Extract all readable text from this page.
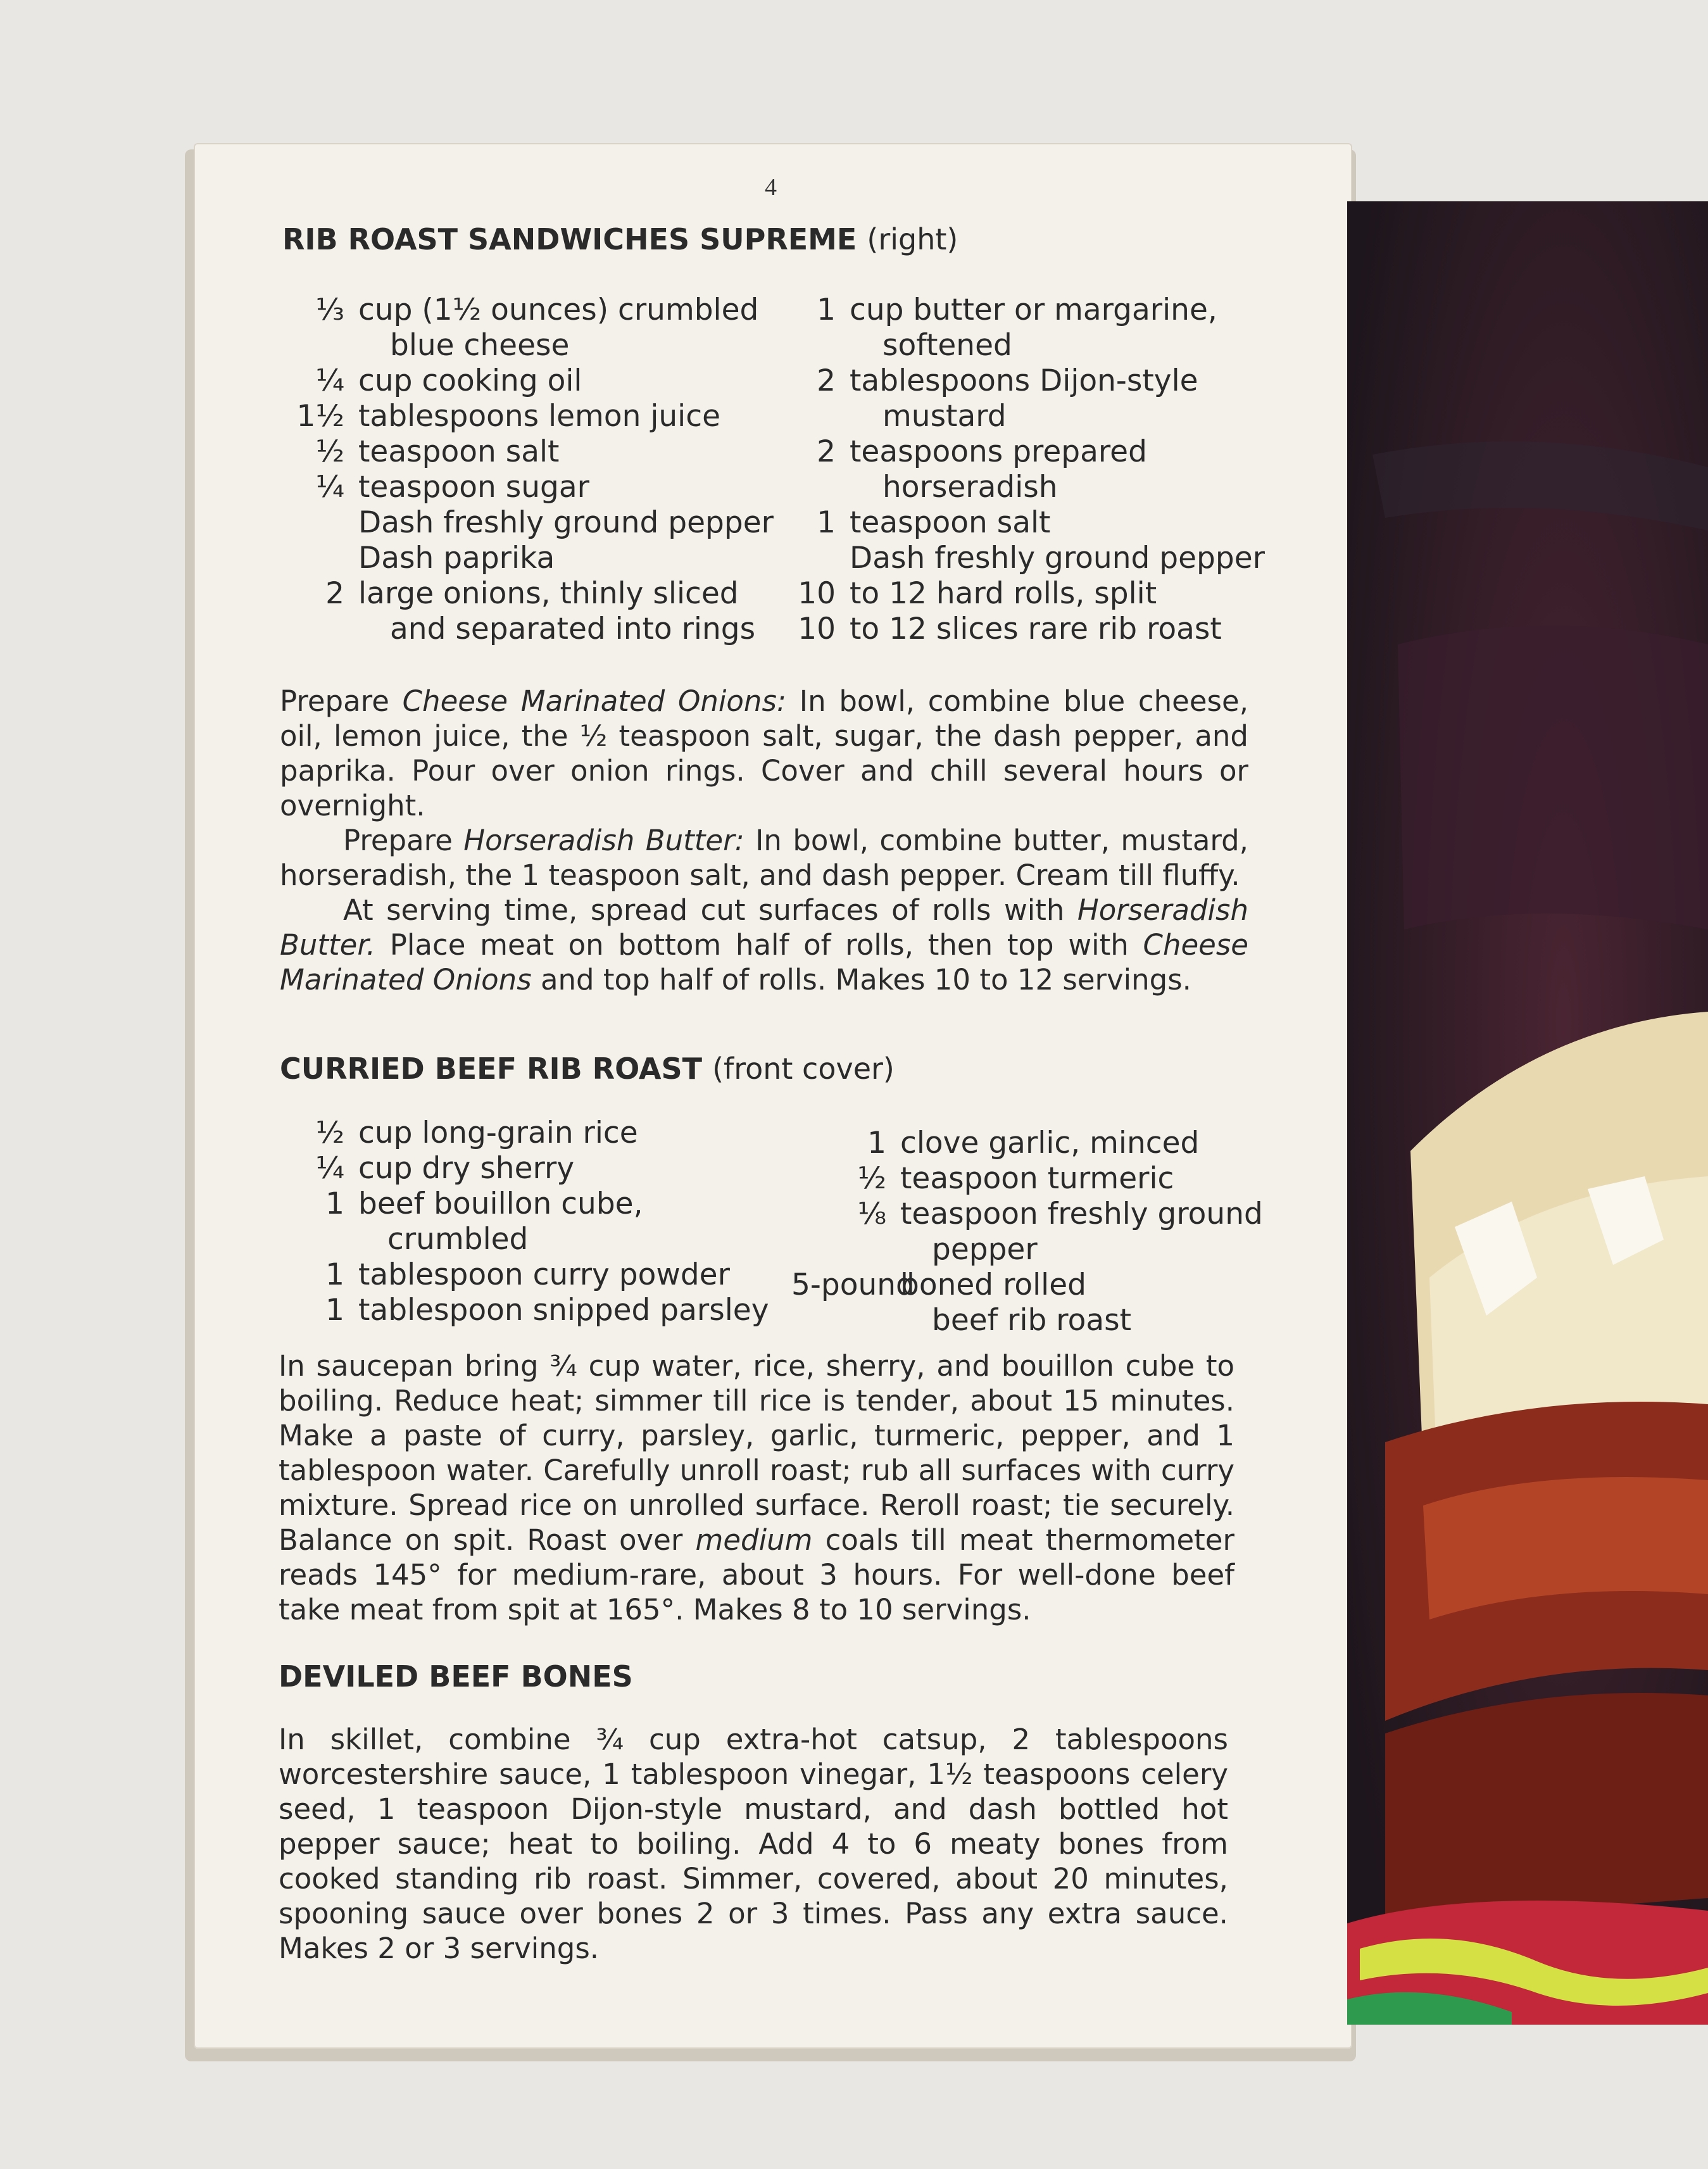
4
RIB ROAST SANDWICHES SUPREME (right)
⅓ cup (1½ ounces) crumbled
blue cheese
¼ cup cooking oil
1½ tablespoons lemon juice
½ teaspoon salt
¼ teaspoon sugar
Dash freshly ground pepper
Dash paprika
2 large onions, thinly sliced
and separated into rings
1 cup butter or margarine,
softened
2 tablespoons Dijon-style
mustard
2 teaspoons prepared
horseradish
1 teaspoon salt
Dash freshly ground pepper
10 to 12 hard rolls, split
10 to 12 slices rare rib roast

Prepare Cheese Marinated Onions: In bowl, combine blue cheese, oil, lemon juice, the ½ teaspoon salt, sugar, the dash pepper, and paprika. Pour over onion rings. Cover and chill several hours or overnight.

Prepare Horseradish Butter: In bowl, combine butter, mustard, horseradish, the 1 teaspoon salt, and dash pepper. Cream till fluffy.

At serving time, spread cut surfaces of rolls with Horseradish Butter. Place meat on bottom half of rolls, then top with Cheese Marinated Onions and top half of rolls. Makes 10 to 12 servings.

CURRIED BEEF RIB ROAST (front cover)
½ cup long-grain rice
¼ cup dry sherry
1 beef bouillon cube,
crumbled
1 tablespoon curry powder
1 tablespoon snipped parsley
1 clove garlic, minced
½ teaspoon turmeric
⅛ teaspoon freshly ground
pepper
5-poundboned rolled
beef rib roast

In saucepan bring ¾ cup water, rice, sherry, and bouillon cube to boiling. Reduce heat; simmer till rice is tender, about 15 minutes. Make a paste of curry, parsley, garlic, turmeric, pepper, and 1 tablespoon water. Carefully unroll roast; rub all surfaces with curry mixture. Spread rice on unrolled surface. Reroll roast; tie securely. Balance on spit. Roast over medium coals till meat thermometer reads 145° for medium-rare, about 3 hours. For well-done beef take meat from spit at 165°. Makes 8 to 10 servings.

DEVILED BEEF BONES

In skillet, combine ¾ cup extra-hot catsup, 2 tablespoons worcestershire sauce, 1 tablespoon vinegar, 1½ teaspoons celery seed, 1 teaspoon Dijon-style mustard, and dash bottled hot pepper sauce; heat to boiling. Add 4 to 6 meaty bones from cooked standing rib roast. Simmer, covered, about 20 minutes, spooning sauce over bones 2 or 3 times. Pass any extra sauce. Makes 2 or 3 servings.
